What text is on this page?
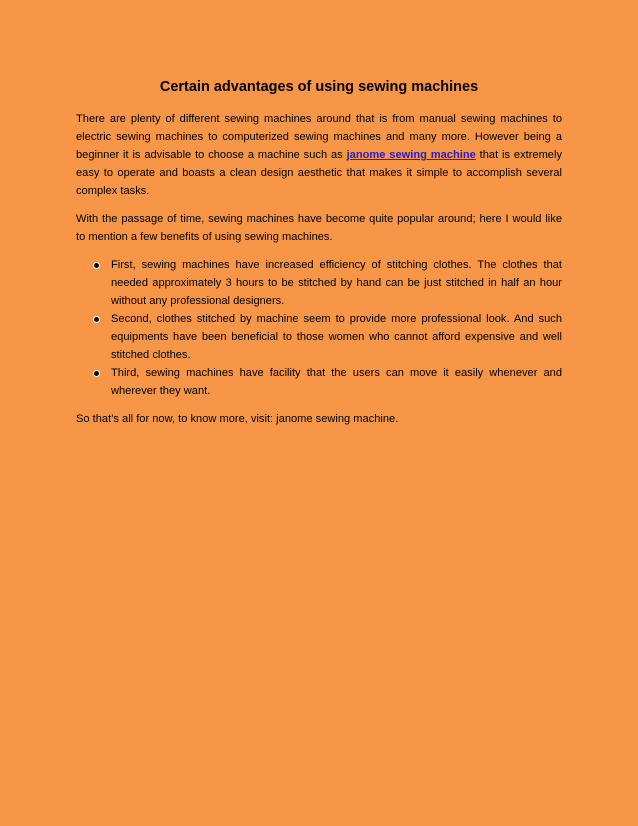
Certain advantages of using sewing machines

There are plenty of different sewing machines around that is from manual sewing machines to electric sewing machines to computerized sewing machines and many more. However being a beginner it is advisable to choose a machine such as janome sewing machine that is extremely easy to operate and boasts a clean design aesthetic that makes it simple to accomplish several complex tasks.

With the passage of time, sewing machines have become quite popular around; here I would like to mention a few benefits of using sewing machines.

First, sewing machines have increased efficiency of stitching clothes. The clothes that needed approximately 3 hours to be stitched by hand can be just stitched in half an hour without any professional designers.
Second, clothes stitched by machine seem to provide more professional look. And such equipments have been beneficial to those women who cannot afford expensive and well stitched clothes.
Third, sewing machines have facility that the users can move it easily whenever and wherever they want.

So that’s all for now, to know more, visit: janome sewing machine.
